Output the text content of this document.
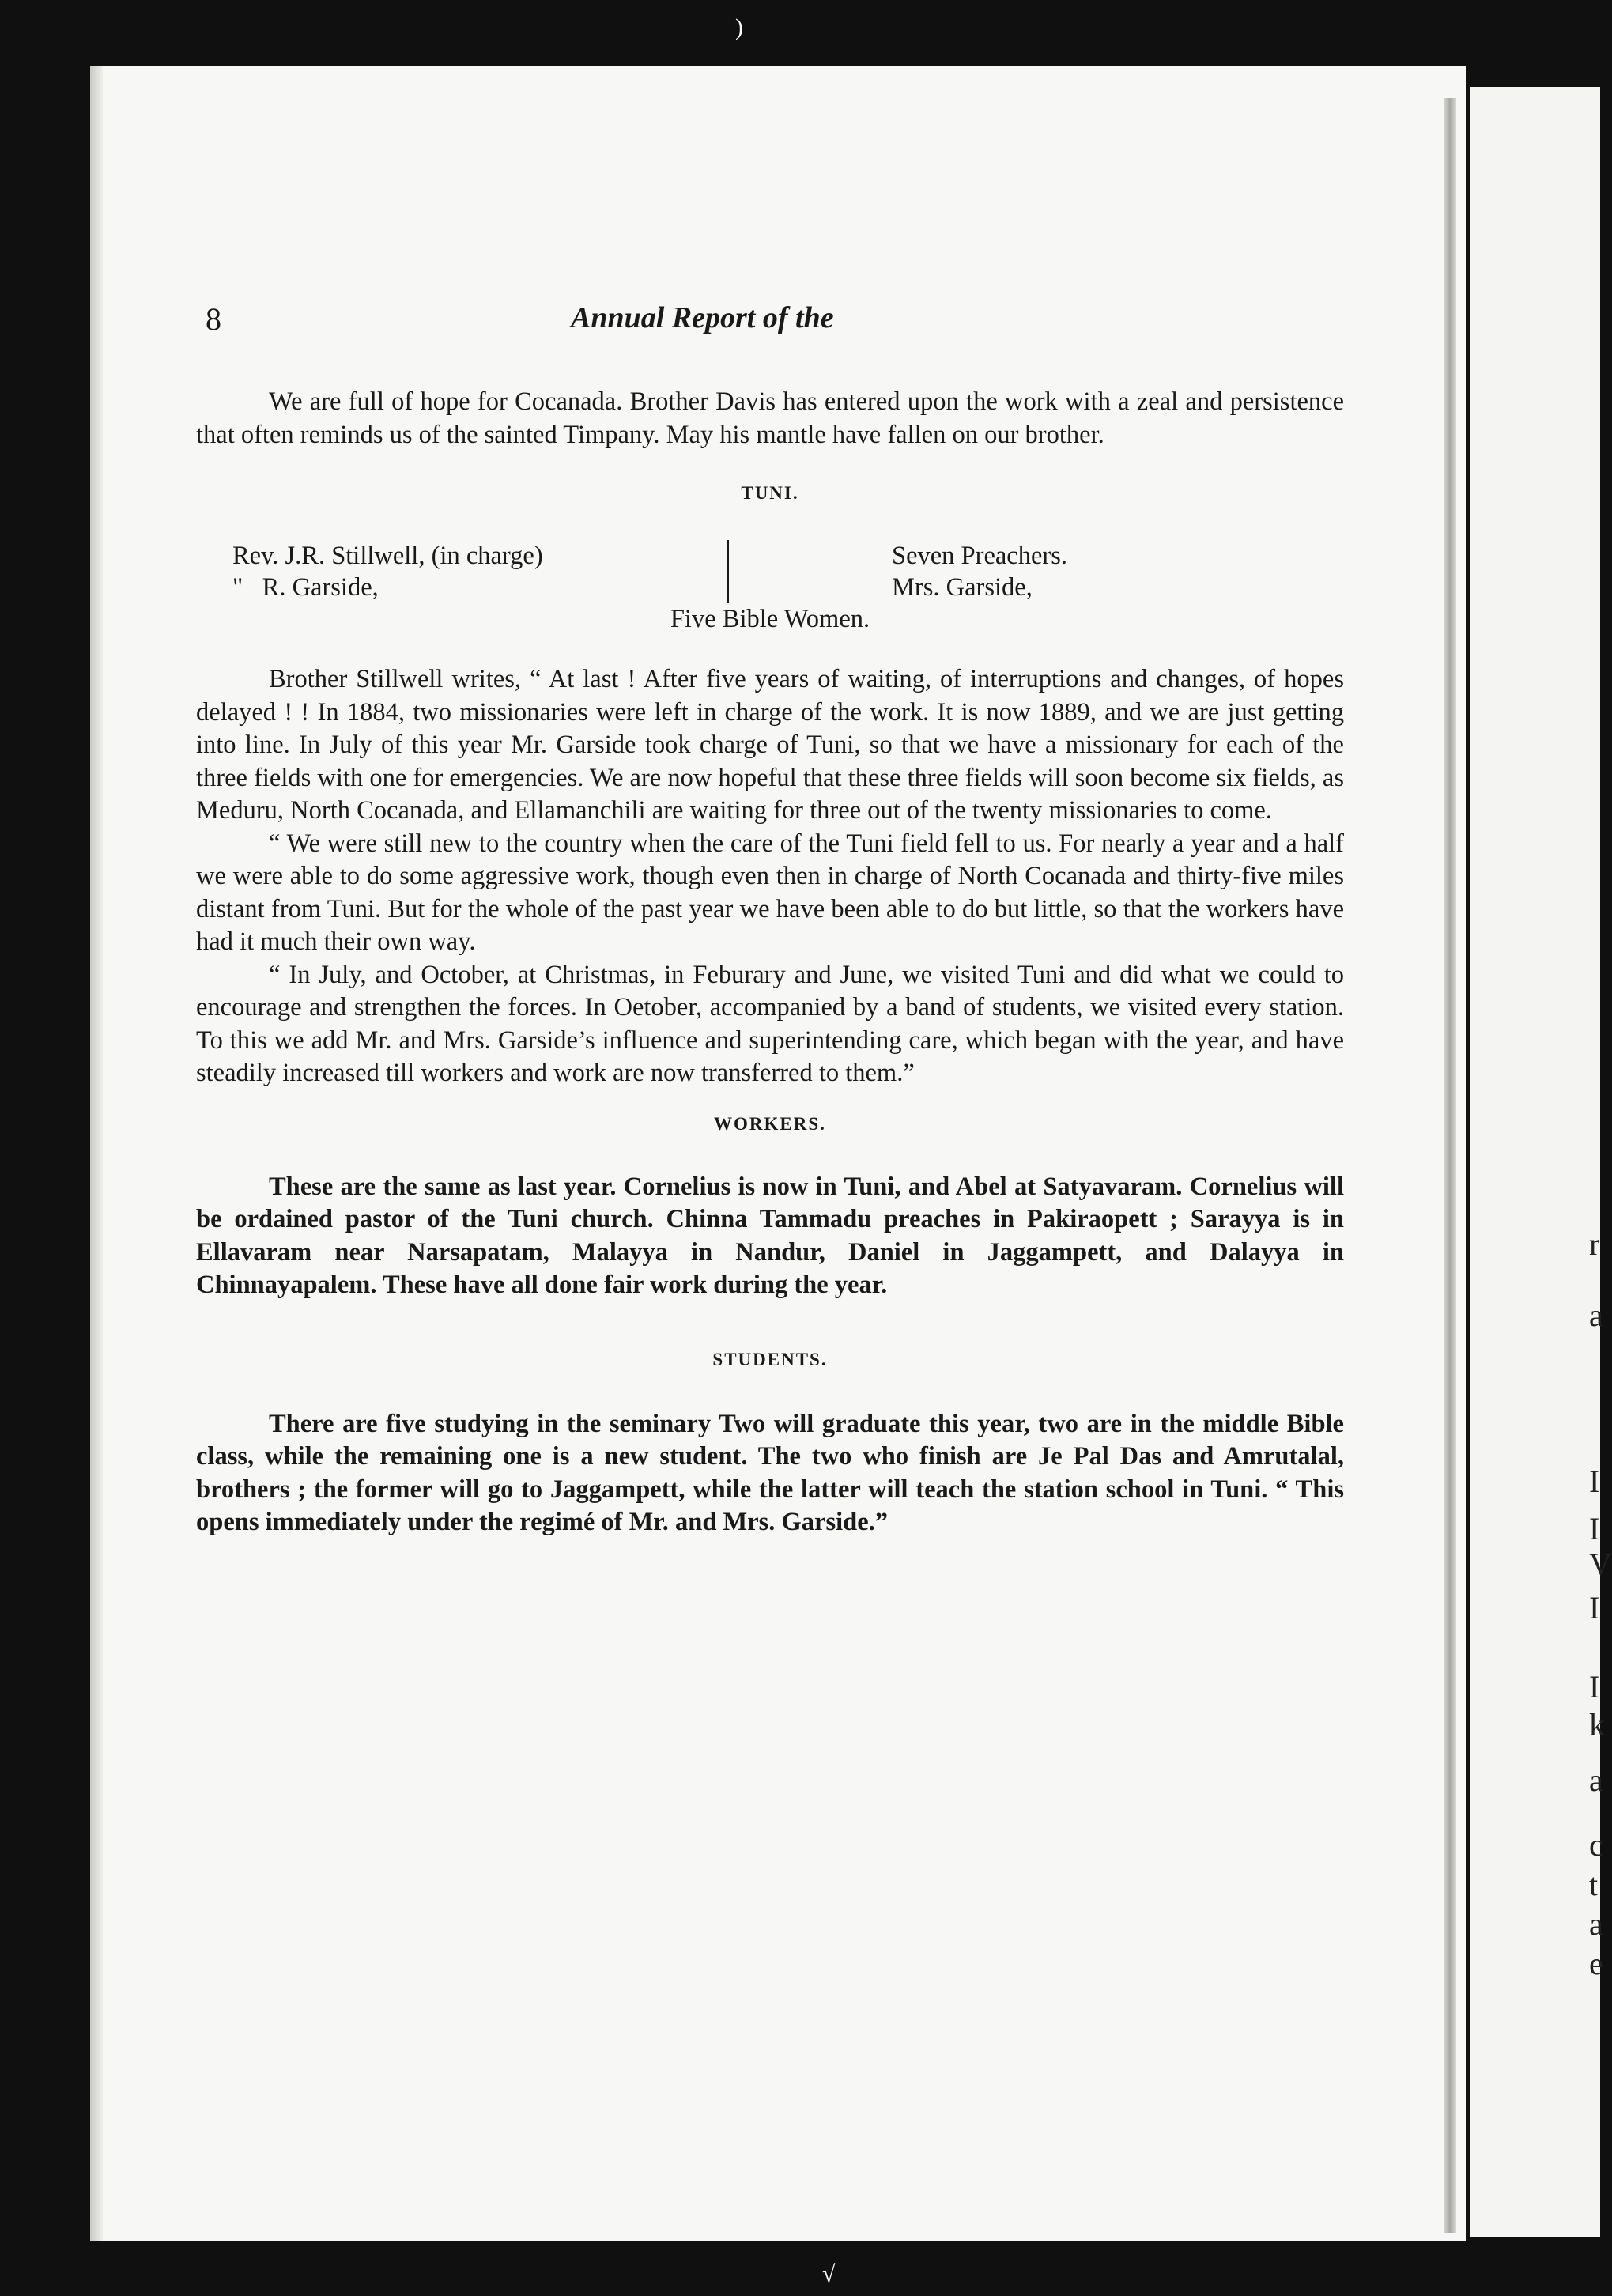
8	Annual Report of the

We are full of hope for Cocanada. Brother Davis has entered upon the work with a zeal and persistence that often reminds us of the sainted Timpany. May his mantle have fallen on our brother.

TUNI.

Rev. J.R. Stillwell, (in charge)
"   R. Garside,
Seven Preachers.
Mrs. Garside,
Five Bible Women.

Brother Stillwell writes, “ At last ! After five years of waiting, of interruptions and changes, of hopes delayed ! ! In 1884, two missionaries were left in charge of the work. It is now 1889, and we are just getting into line. In July of this year Mr. Garside took charge of Tuni, so that we have a missionary for each of the three fields with one for emergencies. We are now hopeful that these three fields will soon become six fields, as Meduru, North Cocanada, and Ellamanchili are waiting for three out of the twenty missionaries to come.

“ We were still new to the country when the care of the Tuni field fell to us. For nearly a year and a half we were able to do some aggressive work, though even then in charge of North Cocanada and thirty-five miles distant from Tuni. But for the whole of the past year we have been able to do but little, so that the workers have had it much their own way.

“ In July, and October, at Christmas, in Feburary and June, we visited Tuni and did what we could to encourage and strengthen the forces. In Oetober, accompanied by a band of students, we visited every station. To this we add Mr. and Mrs. Garside’s influence and superintending care, which began with the year, and have steadily increased till workers and work are now transferred to them.”

WORKERS.

These are the same as last year. Cornelius is now in Tuni, and Abel at Satyavaram. Cornelius will be ordained pastor of the Tuni church. Chinna Tammadu preaches in Pakiraopett ; Sarayya is in Ellavaram near Narsapatam, Malayya in Nandur, Daniel in Jaggampett, and Dalayya in Chinnayapalem. These have all done fair work during the year.

STUDENTS.

There are five studying in the seminary Two will graduate this year, two are in the middle Bible class, while the remaining one is a new student. The two who finish are Je Pal Das and Amrutalal, brothers ; the former will go to Jaggampett, while the latter will teach the station school in Tuni. “ This opens immediately under the regimé of Mr. and Mrs. Garside.”

r
a
I
I
V
I
I
k
a
c
t
a
e
)
√
